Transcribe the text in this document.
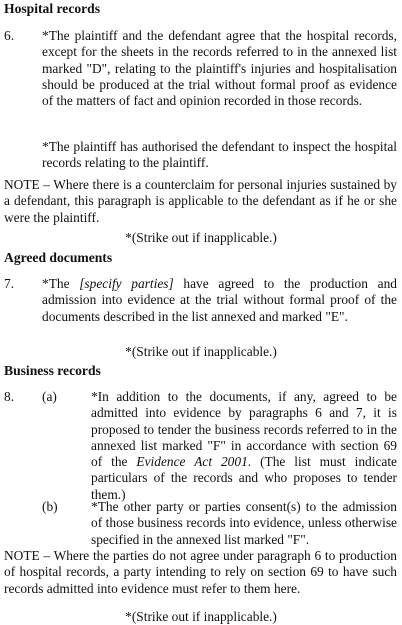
Hospital records
6. *The plaintiff and the defendant agree that the hospital records, except for the sheets in the records referred to in the annexed list marked "D", relating to the plaintiff's injuries and hospitalisation should be produced at the trial without formal proof as evidence of the matters of fact and opinion recorded in those records.
*The plaintiff has authorised the defendant to inspect the hospital records relating to the plaintiff.
NOTE – Where there is a counterclaim for personal injuries sustained by a defendant, this paragraph is applicable to the defendant as if he or she were the plaintiff.
*(Strike out if inapplicable.)
Agreed documents
7. *The [specify parties] have agreed to the production and admission into evidence at the trial without formal proof of the documents described in the list annexed and marked "E".
*(Strike out if inapplicable.)
Business records
8. (a)	*In addition to the documents, if any, agreed to be admitted into evidence by paragraphs 6 and 7, it is proposed to tender the business records referred to in the annexed list marked "F" in accordance with section 69 of the Evidence Act 2001. (The list must indicate particulars of the records and who proposes to tender them.)
(b) *The other party or parties consent(s) to the admission of those business records into evidence, unless otherwise specified in the annexed list marked "F".
NOTE – Where the parties do not agree under paragraph 6 to production of hospital records, a party intending to rely on section 69 to have such records admitted into evidence must refer to them here.
*(Strike out if inapplicable.)
